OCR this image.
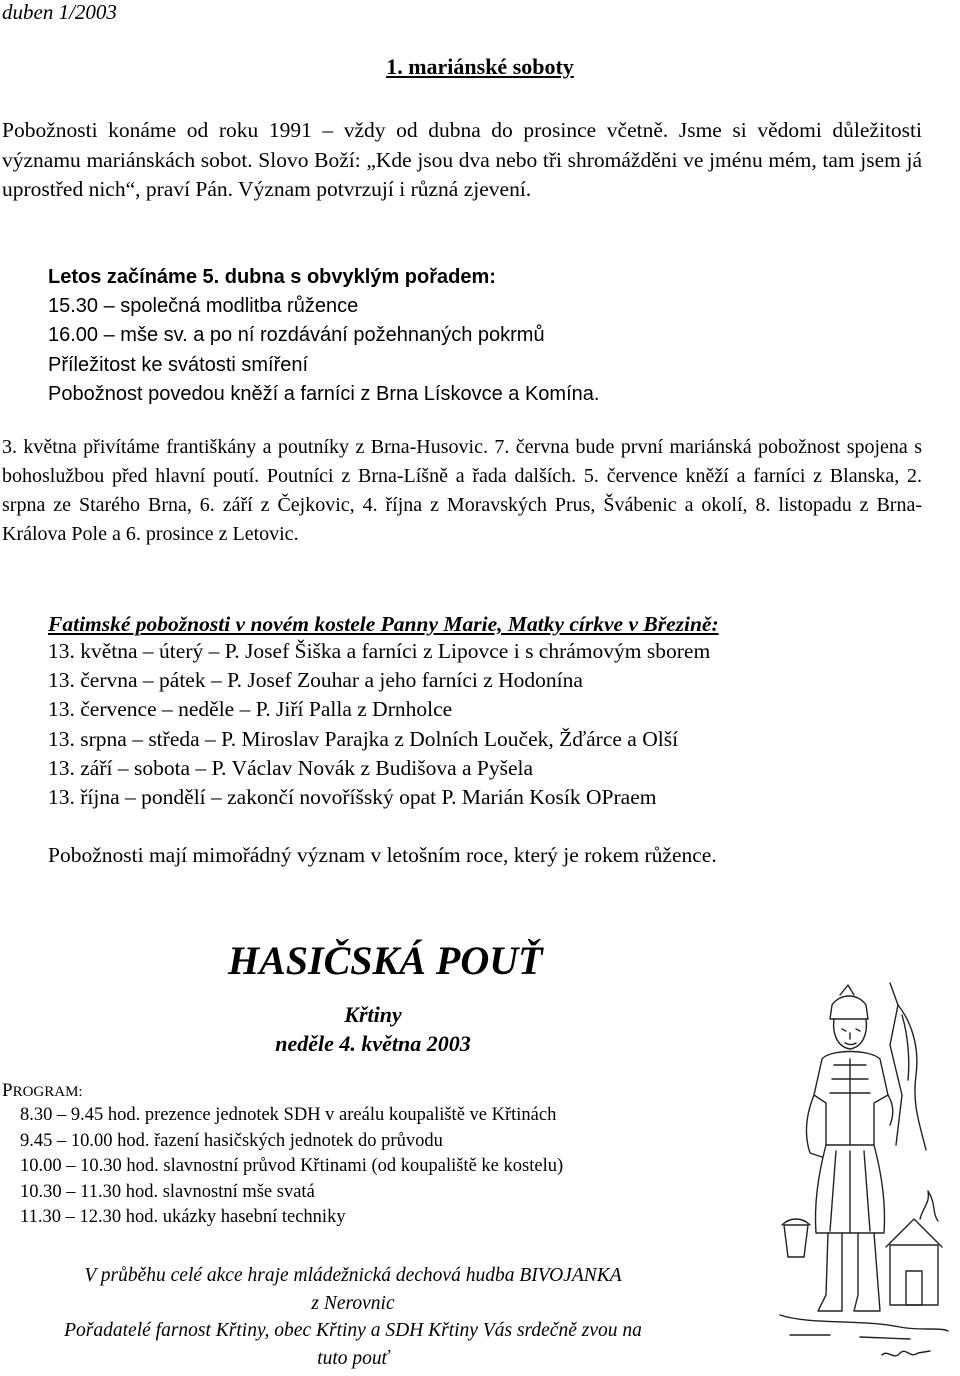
duben 1/2003
1. mariánské soboty
Pobožnosti konáme od roku 1991 – vždy od dubna do prosince včetně. Jsme si vědomi důležitosti významu mariánskách sobot. Slovo Boží: „Kde jsou dva nebo tři shromážděni ve jménu mém, tam jsem já uprostřed nich“, praví Pán. Význam potvrzují i různá zjevení.
Letos začínáme 5. dubna s obvyklým pořadem:
15.30 – společná modlitba růžence
16.00 – mše sv. a po ní rozdávání požehnaných pokrmů
Příležitost ke svátosti smíření
Pobožnost povedou kněží a farníci z Brna Lískovce a Komína.
3. května přivítáme františkány a poutníky z Brna-Husovic. 7. června bude první mariánská pobožnost spojena s bohoslužbou před hlavní poutí. Poutníci z Brna-Líšně a řada dalších. 5. července kněží a farníci z Blanska, 2. srpna ze Starého Brna, 6. září z Čejkovic, 4. října z Moravských Prus, Švábenic a okolí, 8. listopadu z Brna-Králova Pole a 6. prosince z Letovic.
Fatimské pobožnosti v novém kostele Panny Marie, Matky církve v Březině:
13. května – úterý – P. Josef Šiška a farníci z Lipovce i s chrámovým sborem
13. června – pátek – P. Josef Zouhar a jeho farníci z Hodonína
13. července – neděle – P. Jiří Palla z Drnholce
13. srpna – středa – P. Miroslav Parajka z Dolních Louček, Žďárce a Olší
13. září – sobota – P. Václav Novák z Budišova a Pyšela
13. října – pondělí – zakončí novoříšský opat P. Marián Kosík OPraem
Pobožnosti mají mimořádný význam v letošním roce, který je rokem růžence.
HASIČSKÁ POUŤ
Křtiny
neděle 4. května 2003
PROGRAM:
8.30 – 9.45 hod. prezence jednotek SDH v areálu koupaliště ve Křtinách
9.45 – 10.00 hod. řazení hasičských jednotek do průvodu
10.00 – 10.30 hod. slavnostní průvod Křtinami (od koupaliště ke kostelu)
10.30 – 11.30 hod. slavnostní mše svatá
11.30 – 12.30 hod. ukázky hasební techniky
V průběhu celé akce hraje mládežnická dechová hudba BIVOJANKA
z Nerovnic
Pořadatelé farnost Křtiny, obec Křtiny a SDH Křtiny Vás srdečně zvou na
tuto pouť
